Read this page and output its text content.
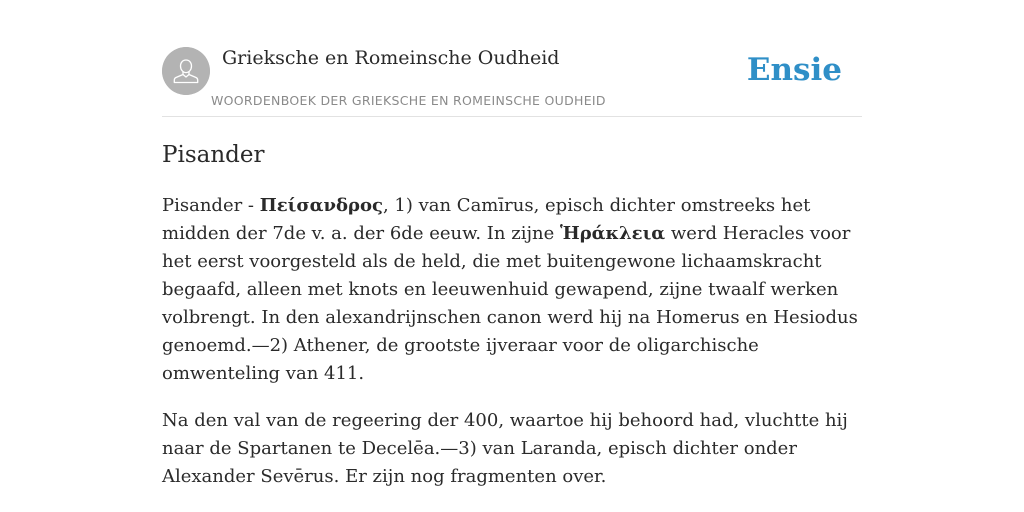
Grieksche en Romeinsche Oudheid
WOORDENBOEK DER GRIEKSCHE EN ROMEINSCHE OUDHEID
Ensie
Pisander

Pisander - Πείσανδρος, 1) van Camīrus, episch dichter omstreeks het midden der 7de v. a. der 6de eeuw. In zijne Ἡράκλεια werd Heracles voor het eerst voorgesteld als de held, die met buitengewone lichaamskracht begaafd, alleen met knots en leeuwenhuid gewapend, zijne twaalf werken volbrengt. In den alexandrijnschen canon werd hij na Homerus en Hesiodus genoemd.—2) Athener, de grootste ijveraar voor de oligarchische omwenteling van 411.

Na den val van de regeering der 400, waartoe hij behoord had, vluchtte hij naar de Spartanen te Decelēa.—3) van Laranda, episch dichter onder Alexander Sevērus. Er zijn nog fragmenten over.
